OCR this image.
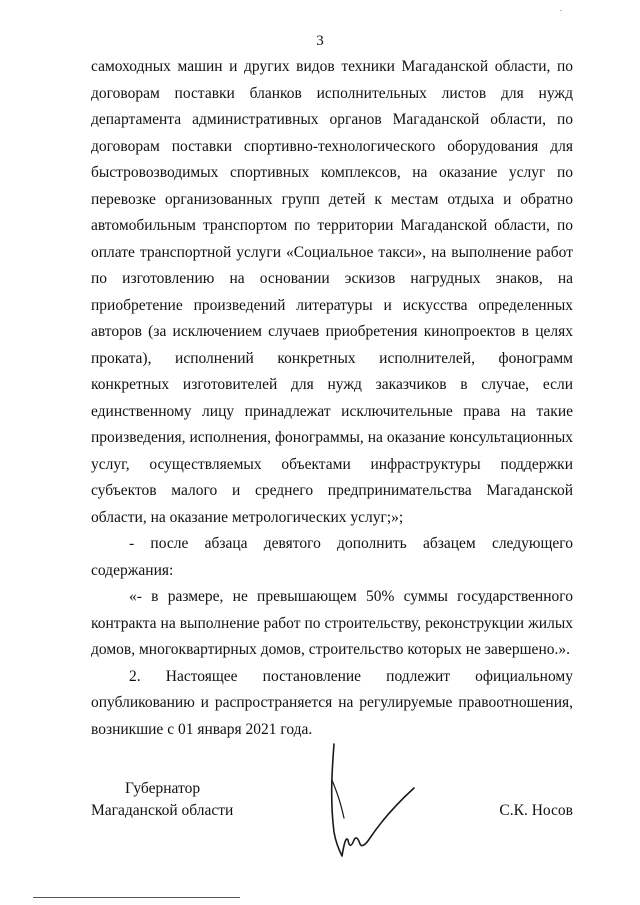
3

самоходных машин и других видов техники Магаданской области, по договорам поставки бланков исполнительных листов для нужд департамента административных органов Магаданской области, по договорам поставки спортивно-технологического оборудования для быстровозводимых спортивных комплексов, на оказание услуг по перевозке организованных групп детей к местам отдыха и обратно автомобильным транспортом по территории Магаданской области, по оплате транспортной услуги «Социальное такси», на выполнение работ по изготовлению на основании эскизов нагрудных знаков, на приобретение произведений литературы и искусства определенных авторов (за исключением случаев приобретения кинопроектов в целях проката), исполнений конкретных исполнителей, фонограмм конкретных изготовителей для нужд заказчиков в случае, если единственному лицу принадлежат исключительные права на такие произведения, исполнения, фонограммы, на оказание консультационных услуг, осуществляемых объектами инфраструктуры поддержки субъектов малого и среднего предпринимательства Магаданской области, на оказание метрологических услуг;»;

- после абзаца девятого дополнить абзацем следующего содержания:

«- в размере, не превышающем 50% суммы государственного контракта на выполнение работ по строительству, реконструкции жилых домов, многоквартирных домов, строительство которых не завершено.».

2. Настоящее постановление подлежит официальному опубликованию и распространяется на регулируемые правоотношения, возникшие с 01 января 2021 года.

Губернатор
Магаданской области	С.К. Носов
